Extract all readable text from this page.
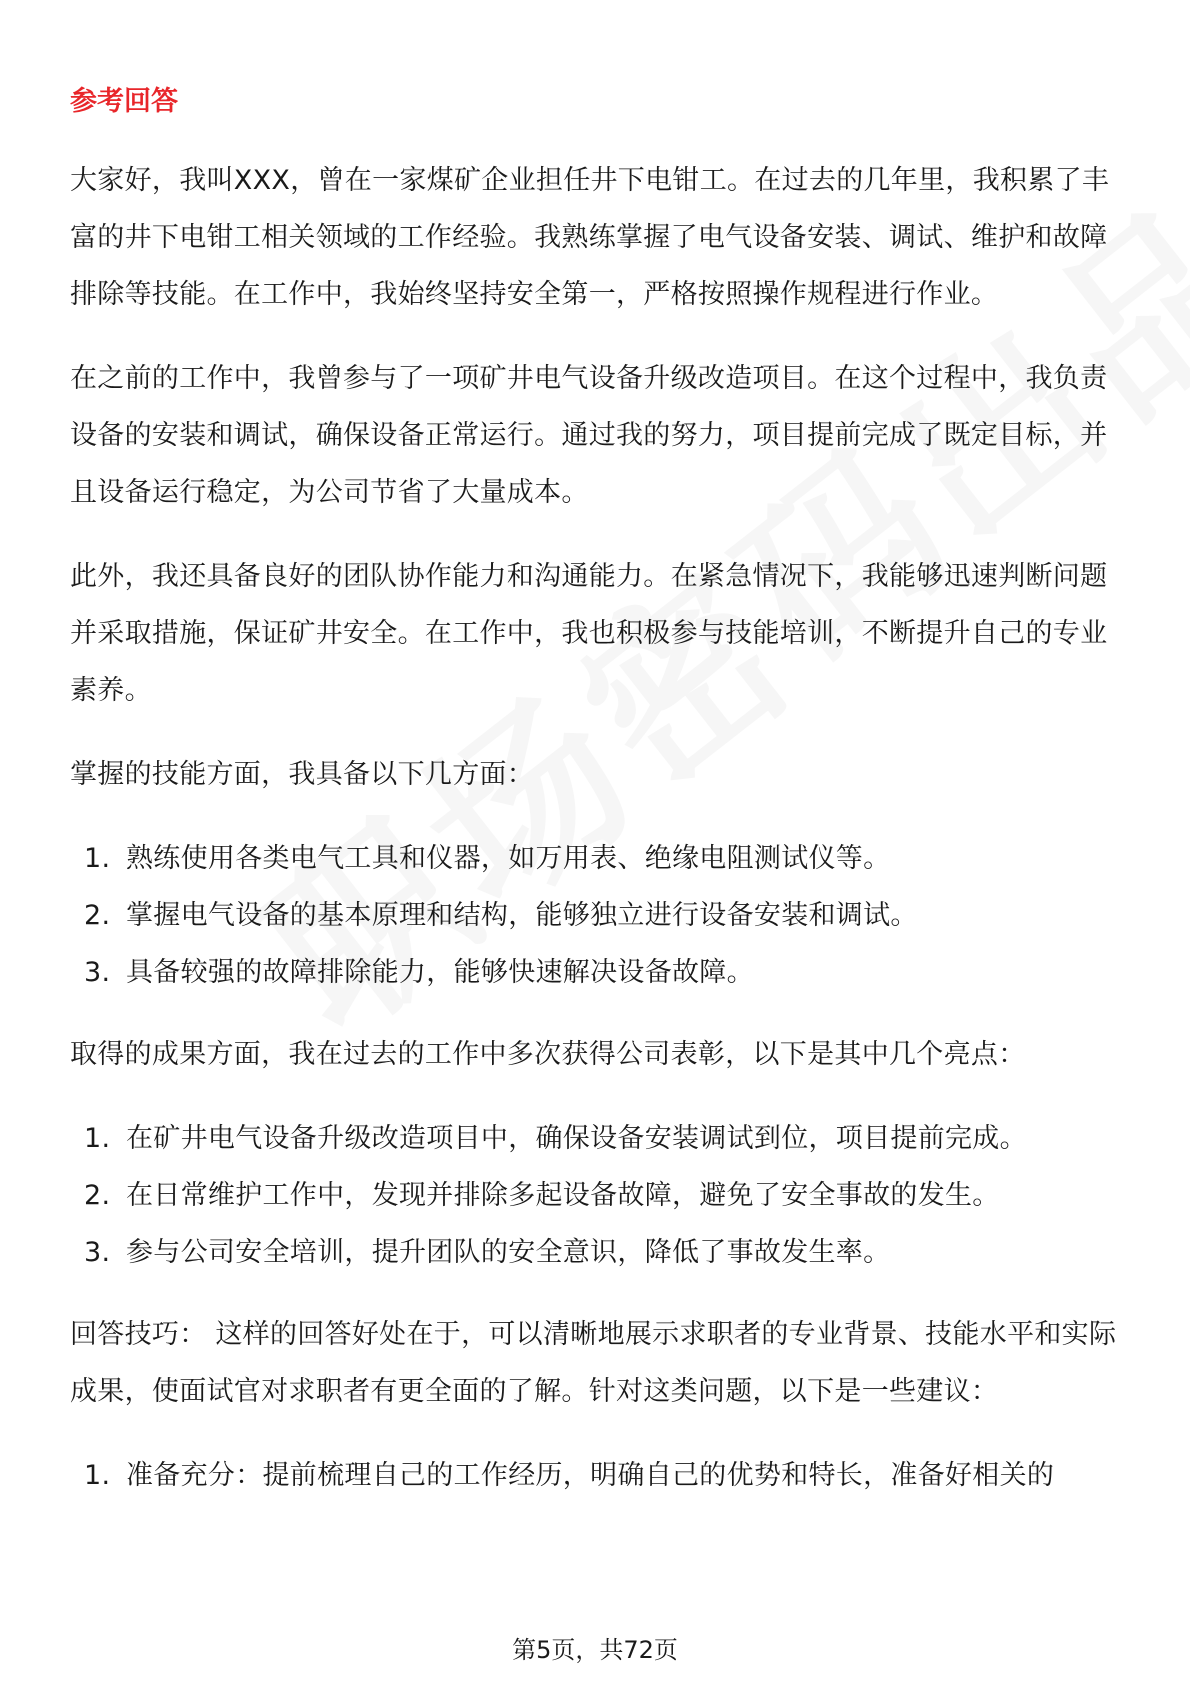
参考回答
大家好，我叫XXX，曾在一家煤矿企业担任井下电钳工。在过去的几年里，我积累了丰富的井下电钳工相关领域的工作经验。我熟练掌握了电气设备安装、调试、维护和故障排除等技能。在工作中，我始终坚持安全第一，严格按照操作规程进行作业。
在之前的工作中，我曾参与了一项矿井电气设备升级改造项目。在这个过程中，我负责设备的安装和调试，确保设备正常运行。通过我的努力，项目提前完成了既定目标，并且设备运行稳定，为公司节省了大量成本。
此外，我还具备良好的团队协作能力和沟通能力。在紧急情况下，我能够迅速判断问题并采取措施，保证矿井安全。在工作中，我也积极参与技能培训，不断提升自己的专业素养。
掌握的技能方面，我具备以下几方面：
1. 熟练使用各类电气工具和仪器，如万用表、绝缘电阻测试仪等。
2. 掌握电气设备的基本原理和结构，能够独立进行设备安装和调试。
3. 具备较强的故障排除能力，能够快速解决设备故障。
取得的成果方面，我在过去的工作中多次获得公司表彰，以下是其中几个亮点：
1. 在矿井电气设备升级改造项目中，确保设备安装调试到位，项目提前完成。
2. 在日常维护工作中，发现并排除多起设备故障，避免了安全事故的发生。
3. 参与公司安全培训，提升团队的安全意识，降低了事故发生率。
回答技巧： 这样的回答好处在于，可以清晰地展示求职者的专业背景、技能水平和实际成果，使面试官对求职者有更全面的了解。针对这类问题，以下是一些建议：
1. 准备充分：提前梳理自己的工作经历，明确自己的优势和特长，准备好相关的
第5页，共72页
